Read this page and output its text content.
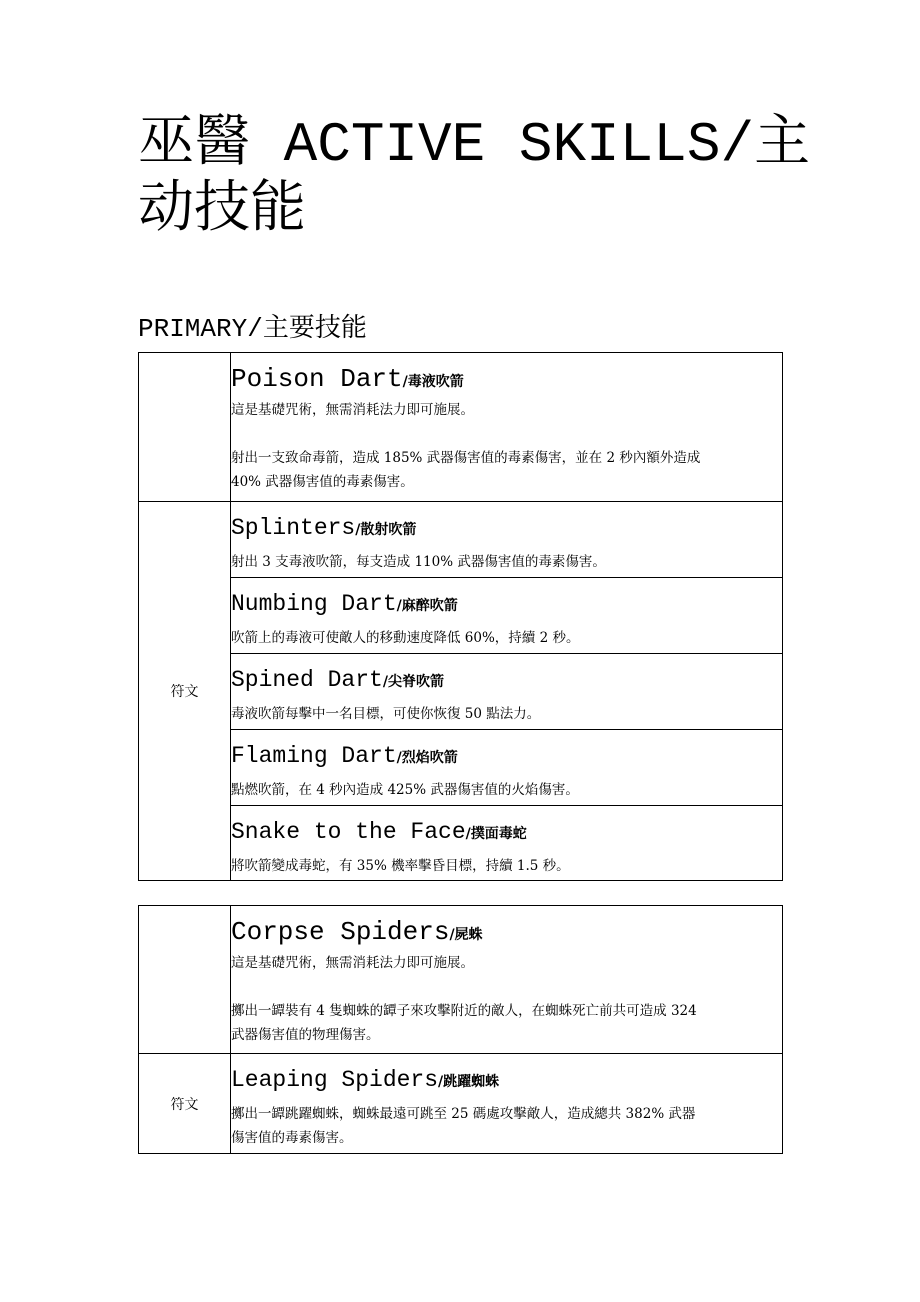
巫醫 ACTIVE SKILLS/主动技能
PRIMARY/主要技能

	Poison Dart/毒液吹箭
這是基礎咒術，無需消耗法力即可施展。
射出一支致命毒箭，造成 185% 武器傷害值的毒素傷害，並在 2 秒內額外造成
40% 武器傷害值的毒素傷害。

符文	Splinters/散射吹箭
射出 3 支毒液吹箭，每支造成 110% 武器傷害值的毒素傷害。

	Numbing Dart/麻醉吹箭
吹箭上的毒液可使敵人的移動速度降低 60%，持續 2 秒。

	Spined Dart/尖脊吹箭
毒液吹箭每擊中一名目標，可使你恢復 50 點法力。

	Flaming Dart/烈焰吹箭
點燃吹箭，在 4 秒內造成 425% 武器傷害值的火焰傷害。

	Snake to the Face/撲面毒蛇
將吹箭變成毒蛇，有 35% 機率擊昏目標，持續 1.5 秒。

	Corpse Spiders/屍蛛
這是基礎咒術，無需消耗法力即可施展。
擲出一罈裝有 4 隻蜘蛛的罈子來攻擊附近的敵人，在蜘蛛死亡前共可造成 324
武器傷害值的物理傷害。

符文	Leaping Spiders/跳躍蜘蛛
擲出一罈跳躍蜘蛛，蜘蛛最遠可跳至 25 碼處攻擊敵人，造成總共 382% 武器
傷害值的毒素傷害。
